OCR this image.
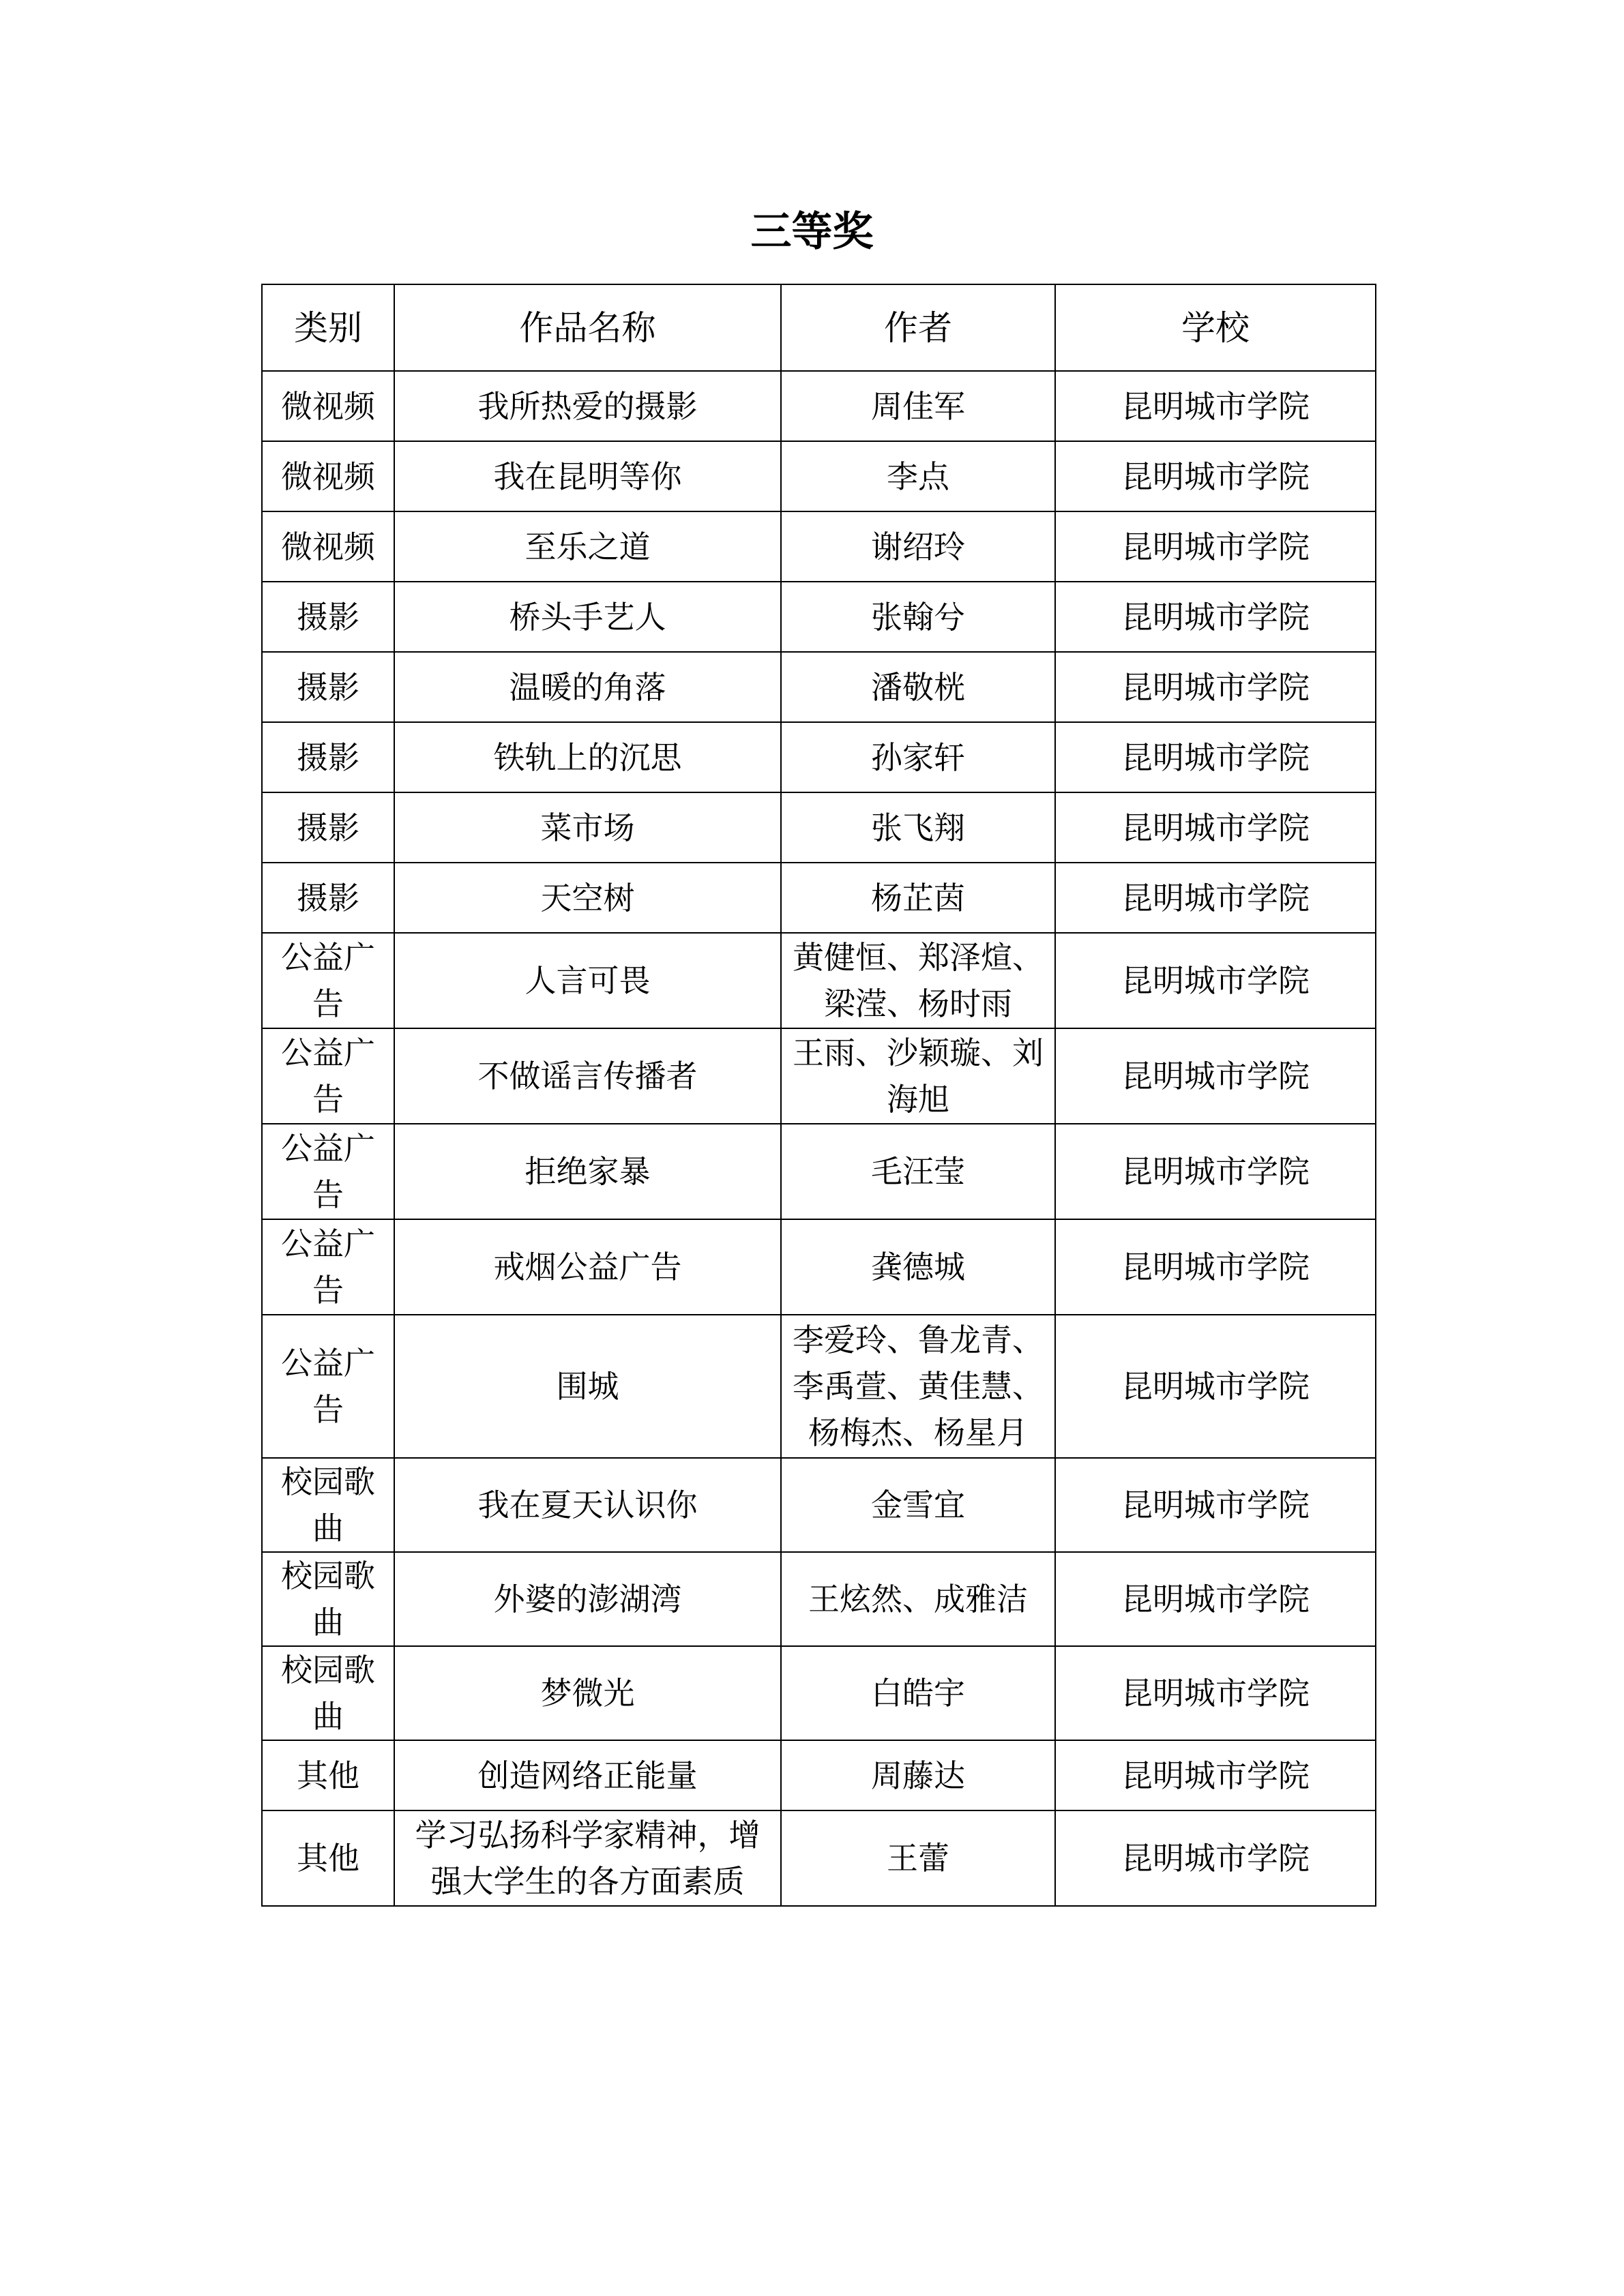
三等奖
类别	作品名称	作者	学校
微视频	我所热爱的摄影	周佳军	昆明城市学院
微视频	我在昆明等你	李点	昆明城市学院
微视频	至乐之道	谢绍玲	昆明城市学院
摄影	桥头手艺人	张翰兮	昆明城市学院
摄影	温暖的角落	潘敬桄	昆明城市学院
摄影	铁轨上的沉思	孙家轩	昆明城市学院
摄影	菜市场	张飞翔	昆明城市学院
摄影	天空树	杨芷茵	昆明城市学院
公益广告	人言可畏	黄健恒、郑泽煊、梁滢、杨时雨	昆明城市学院
公益广告	不做谣言传播者	王雨、沙颖璇、刘海旭	昆明城市学院
公益广告	拒绝家暴	毛汪莹	昆明城市学院
公益广告	戒烟公益广告	龚德城	昆明城市学院
公益广告	围城	李爱玲、鲁龙青、李禹萱、黄佳慧、杨梅杰、杨星月	昆明城市学院
校园歌曲	我在夏天认识你	金雪宜	昆明城市学院
校园歌曲	外婆的澎湖湾	王炫然、成雅洁	昆明城市学院
校园歌曲	梦微光	白皓宇	昆明城市学院
其他	创造网络正能量	周藤达	昆明城市学院
其他	学习弘扬科学家精神，增强大学生的各方面素质	王蕾	昆明城市学院
